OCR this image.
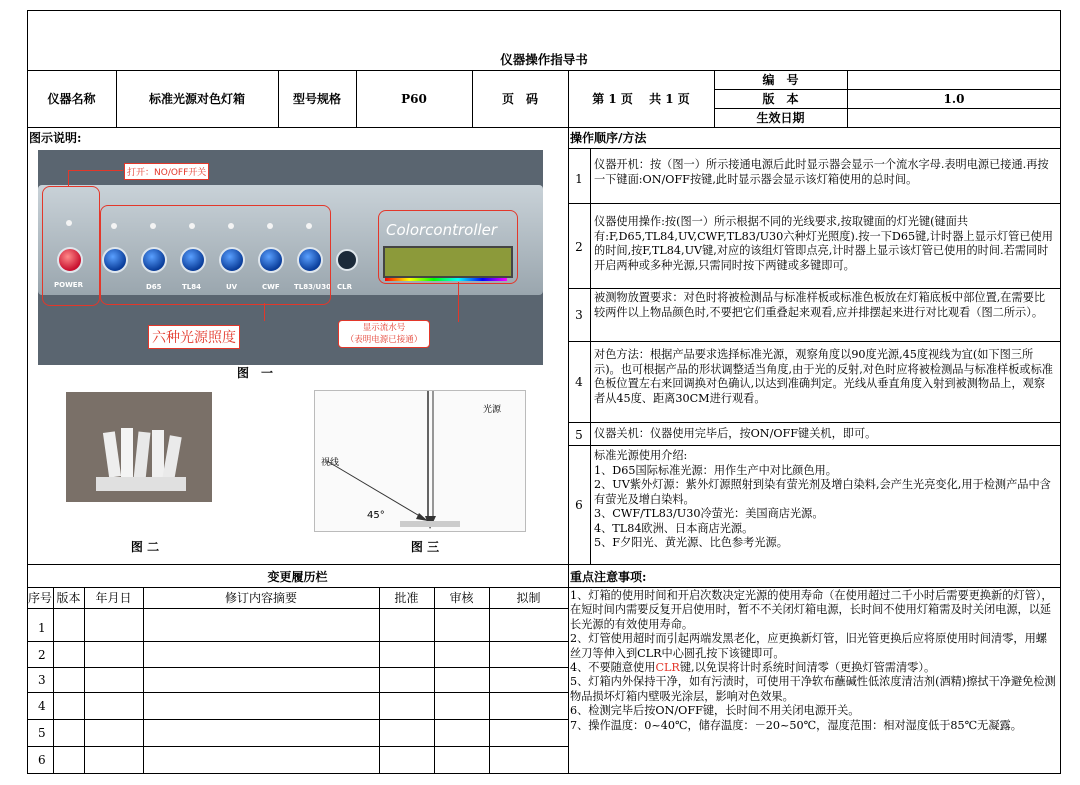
仪器操作指导书
仪器名称	标准光源对色灯箱	型号规格	P60	页　码	第 1 页　 共 1 页
编　号
版　本	1.0
生效日期
图示说明:	操作顺序/方法
POWER	D65	TL84	UV	CWF TL83/U30 CLR
Colorcontroller
打开：NO/OFF开关
六种光源照度
显示流水号
（表明电源已接通）
图　一
图 二
光源
视线
45°
图 三
1
仪器开机：按（图一）所示接通电源后此时显示器会显示一个流水字母.表明电源已接通.再按一下键面:ON/OFF按键,此时显示器会显示该灯箱使用的总时间。
2
仪器使用操作:按(图一）所示根据不同的光线要求,按取键面的灯光键(键面共有:F,D65,TL84,UV,CWF,TL83/U30六种灯光照度).按一下D65键,计时器上显示灯管已使用的时间,按F,TL84,UV键,对应的该组灯管即点亮,计时器上显示该灯管已使用的时间.若需同时开启两种或多种光源,只需同时按下两键或多键即可。
3
被测物放置要求：对色时将被检测品与标准样板或标准色板放在灯箱底板中部位置,在需要比较两件以上物品颜色时,不要把它们重叠起来观看,应并排摆起来进行对比观看（图二所示）。
4
对色方法：根据产品要求选择标准光源，观察角度以90度光源,45度视线为宜(如下图三所示)。也可根据产品的形状调整适当角度,由于光的反射,对色时应将被检测品与标准样板或标准色板位置左右来回调换对色确认,以达到准确判定。光线从垂直角度入射到被测物品上，观察者从45度、距离30CM进行观看。
5 仪器关机：仪器使用完毕后，按ON/OFF键关机，即可。
6
标准光源使用介绍:
1、D65国际标准光源：用作生产中对比颜色用。
2、UV紫外灯源：紫外灯源照射到染有萤光剂及增白染料,会产生光亮变化,用于检测产品中含有萤光及增白染料。
3、CWF/TL83/U30冷萤光：美国商店光源。
4、TL84欧洲、日本商店光源。
5、F夕阳光、黄光源、比色参考光源。
变更履历栏	重点注意事项:
序号 版本	年月日	修订内容摘要	批准	审核	拟制
1
2
3
4
5
6
1、灯箱的使用时间和开启次数决定光源的使用寿命（在使用超过二千小时后需要更换新的灯管），在短时间内需要反复开启使用时，暂不不关闭灯箱电源，长时间不使用灯箱需及时关闭电源，以延长光源的有效使用寿命。
2、灯管使用超时而引起两端发黑老化，应更换新灯管，旧光管更换后应将原使用时间清零，用螺丝刀等伸入到CLR中心圆孔按下该键即可。
4、不要随意使用CLR键,以免误将计时系统时间清零（更换灯管需清零）。
5、灯箱内外保持干净，如有污渍时，可使用干净软布蘸碱性低浓度清洁剂(酒精)擦拭干净避免检测物品损坏灯箱内壁吸光涂层，影响对色效果。
6、检测完毕后按ON/OFF键，长时间不用关闭电源开关。
7、操作温度：0~40℃，储存温度：－20~50℃，湿度范围：相对湿度低于85℃无凝露。
